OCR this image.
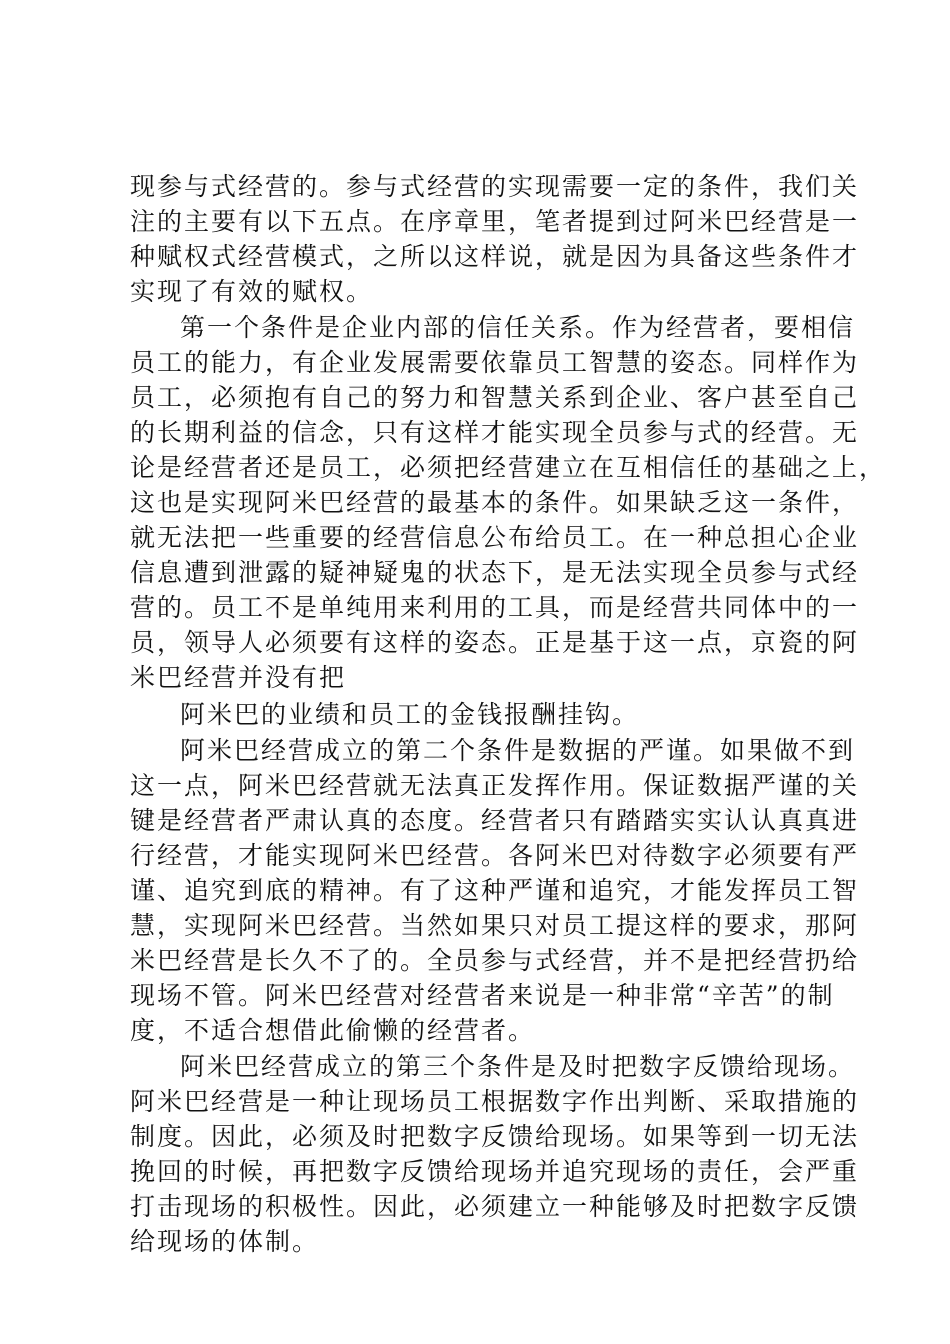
现参与式经营的。参与式经营的实现需要一定的条件，我们关
注的主要有以下五点。在序章里，笔者提到过阿米巴经营是一
种赋权式经营模式，之所以这样说，就是因为具备这些条件才
实现了有效的赋权。
第一个条件是企业内部的信任关系。作为经营者，要相信
员工的能力，有企业发展需要依靠员工智慧的姿态。同样作为
员工，必须抱有自己的努力和智慧关系到企业、客户甚至自己
的长期利益的信念，只有这样才能实现全员参与式的经营。无
论是经营者还是员工，必须把经营建立在互相信任的基础之上，
这也是实现阿米巴经营的最基本的条件。如果缺乏这一条件，
就无法把一些重要的经营信息公布给员工。在一种总担心企业
信息遭到泄露的疑神疑鬼的状态下，是无法实现全员参与式经
营的。员工不是单纯用来利用的工具，而是经营共同体中的一
员，领导人必须要有这样的姿态。正是基于这一点，京瓷的阿
米巴经营并没有把
阿米巴的业绩和员工的金钱报酬挂钩。
阿米巴经营成立的第二个条件是数据的严谨。如果做不到
这一点，阿米巴经营就无法真正发挥作用。保证数据严谨的关
键是经营者严肃认真的态度。经营者只有踏踏实实认认真真进
行经营，才能实现阿米巴经营。各阿米巴对待数字必须要有严
谨、追究到底的精神。有了这种严谨和追究，才能发挥员工智
慧，实现阿米巴经营。当然如果只对员工提这样的要求，那阿
米巴经营是长久不了的。全员参与式经营，并不是把经营扔给
现场不管。阿米巴经营对经营者来说是一种非常“辛苦”的制
度，不适合想借此偷懒的经营者。
阿米巴经营成立的第三个条件是及时把数字反馈给现场。
阿米巴经营是一种让现场员工根据数字作出判断、采取措施的
制度。因此，必须及时把数字反馈给现场。如果等到一切无法
挽回的时候，再把数字反馈给现场并追究现场的责任，会严重
打击现场的积极性。因此，必须建立一种能够及时把数字反馈
给现场的体制。
